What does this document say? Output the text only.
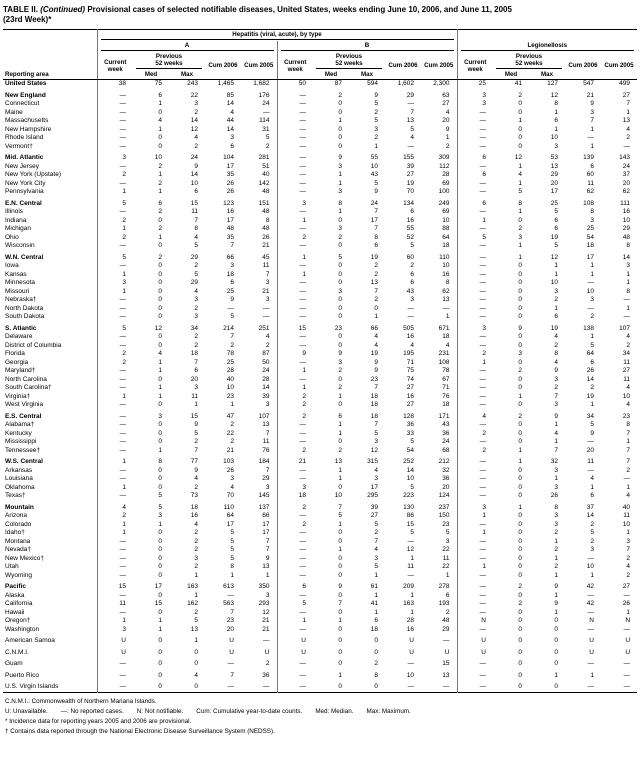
TABLE II. (Continued) Provisional cases of selected notifiable diseases, United States, weeks ending June 10, 2006, and June 11, 2005
(23rd Week)*
Reporting area	Hepatitis (viral, acute), by type										Legionellosis				

	A					B									

	Current week	Previous 52 weeks		Cum 2006	Cum 2005	Current week	Previous 52 weeks		Cum 2006	Cum 2005	Current week	Previous 52 weeks		Cum 2006	Cum 2005
		Med	Max				Med	Max				Med	Max		
United States	38	75	243	1,465	1,682	50	87	594	1,602	2,300	25	41	127	547	499
New England	—	6	22	85	176	—	2	9	29	63	3	2	12	21	27
Connecticut	—	1	3	14	24	—	0	5	—	27	3	0	8	9	7
Maine	—	0	2	4	—	—	0	2	7	4	—	0	1	3	1
Massachusetts	—	4	14	44	114	—	1	5	13	20	—	1	6	7	13
New Hampshire	—	1	12	14	31	—	0	3	5	9	—	0	1	1	4
Rhode Island	—	0	4	3	5	—	0	2	4	1	—	0	10	—	2
Vermont†	—	0	2	6	2	—	0	1	—	2	—	0	3	1	—
Mid. Atlantic	3	10	24	104	281	—	9	55	155	309	6	12	53	139	143
New Jersey	—	2	9	17	51	—	3	10	39	112	—	1	13	6	24
New York (Upstate)	2	1	14	35	40	—	1	43	27	28	6	4	29	60	37
New York City	—	2	10	26	142	—	1	5	19	69	—	1	20	11	20
Pennsylvania	1	1	6	26	48	—	3	9	70	100	—	5	17	62	62
E.N. Central	5	6	15	123	151	3	8	24	134	249	6	8	25	108	111
Illinois	—	2	11	16	48	—	1	7	6	69	—	1	5	8	16
Indiana	2	0	7	17	8	1	0	17	16	10	1	0	6	3	10
Michigan	1	2	8	48	48	—	3	7	55	88	—	2	6	25	29
Ohio	2	1	4	35	26	2	2	8	52	64	5	3	19	54	48
Wisconsin	—	0	5	7	21	—	0	6	5	18	—	1	5	18	8
W.N. Central	5	2	29	66	45	1	5	19	60	110	—	1	12	17	14
Iowa	—	0	2	3	11	—	0	2	2	10	—	0	1	1	3
Kansas	1	0	5	18	7	1	0	2	6	16	—	0	1	1	1
Minnesota	3	0	29	6	3	—	0	13	6	8	—	0	10	—	1
Missouri	1	0	4	25	21	—	3	7	43	62	—	0	3	10	8
Nebraska†	—	0	3	9	3	—	0	2	3	13	—	0	2	3	—
North Dakota	—	0	2	—	—	—	0	0	—	—	—	0	1	—	1
South Dakota	—	0	3	5	—	—	0	1	—	1	—	0	6	2	—
S. Atlantic	5	12	34	214	251	15	23	66	505	671	3	9	19	138	107
Delaware	—	0	2	7	4	—	0	4	16	18	—	0	4	1	4
District of Columbia	—	0	2	2	2	—	0	4	4	4	—	0	2	5	2
Florida	2	4	18	78	87	9	9	19	195	231	2	3	8	64	34
Georgia	2	1	7	25	50	—	3	9	71	108	1	0	4	6	11
Maryland†	—	1	6	28	24	1	2	9	75	78	—	2	9	26	27
North Carolina	—	0	20	40	28	—	0	23	74	67	—	0	3	14	11
South Carolina†	—	1	3	10	14	1	2	7	27	71	—	0	2	2	4
Virginia†	1	1	11	23	39	2	1	18	16	76	—	1	7	19	10
West Virginia	—	0	1	1	3	2	0	18	27	18	—	0	3	1	4
E.S. Central	—	3	15	47	107	2	6	18	128	171	4	2	9	34	23
Alabama†	—	0	9	2	13	—	1	7	36	43	—	0	1	5	8
Kentucky	—	0	5	22	7	—	1	5	33	36	2	0	4	9	7
Mississippi	—	0	2	2	11	—	0	3	5	24	—	0	1	—	1
Tennessee†	—	1	7	21	76	2	2	12	54	68	2	1	7	20	7
W.S. Central	1	8	77	103	184	21	13	315	252	212	—	1	32	11	7
Arkansas	—	0	9	26	7	—	1	4	14	32	—	0	3	—	2
Louisiana	—	0	4	3	29	—	1	3	10	36	—	0	1	4	—
Oklahoma	1	0	2	4	3	3	0	17	5	20	—	0	3	1	1
Texas†	—	5	73	70	145	18	10	295	223	124	—	0	26	6	4
Mountain	4	5	18	110	137	2	7	39	130	237	3	1	8	37	40
Arizona	2	3	16	64	66	—	5	27	86	150	1	0	3	14	11
Colorado	1	1	4	17	17	2	1	5	15	23	—	0	3	2	10
Idaho†	1	0	2	5	17	—	0	2	5	5	1	0	2	5	1
Montana	—	0	2	5	7	—	0	7	—	3	—	0	1	2	3
Nevada†	—	0	2	5	7	—	1	4	12	22	—	0	2	3	7
New Mexico†	—	0	3	5	9	—	0	3	1	11	—	0	1	—	2
Utah	—	0	2	8	13	—	0	5	11	22	1	0	2	10	4
Wyoming	—	0	1	1	1	—	0	1	—	1	—	0	1	1	2
Pacific	15	17	163	613	350	6	9	61	209	278	—	2	9	42	27
Alaska	—	0	1	—	3	—	0	1	1	6	—	0	1	—	—
California	11	15	162	563	293	5	7	41	163	193	—	2	9	42	26
Hawaii	—	0	2	7	12	—	0	1	1	2	—	0	1	—	1
Oregon†	1	1	5	23	21	1	1	6	28	48	N	0	0	N	N
Washington	3	1	13	20	21	—	0	18	16	29	—	0	0	—	—
American Samoa	U	0	1	U	—	U	0	0	U	—	U	0	0	U	U
C.N.M.I.	U	0	0	U	U	U	0	0	U	U	U	0	0	U	U
Guam	—	0	0	—	2	—	0	2	—	15	—	0	0	—	—
Puerto Rico	—	0	4	7	36	—	1	8	10	13	—	0	1	1	—
U.S. Virgin Islands	—	0	0	—	—	—	0	0	—	—	—	0	0	—	—
C.N.M.I.: Commonwealth of Northern Mariana Islands.
U: Unavailable. —: No reported cases. N: Not notifiable. Cum: Cumulative year-to-date counts. Med: Median. Max: Maximum.
* Incidence data for reporting years 2005 and 2006 are provisional.
† Contains data reported through the National Electronic Disease Surveillance System (NEDSS).
